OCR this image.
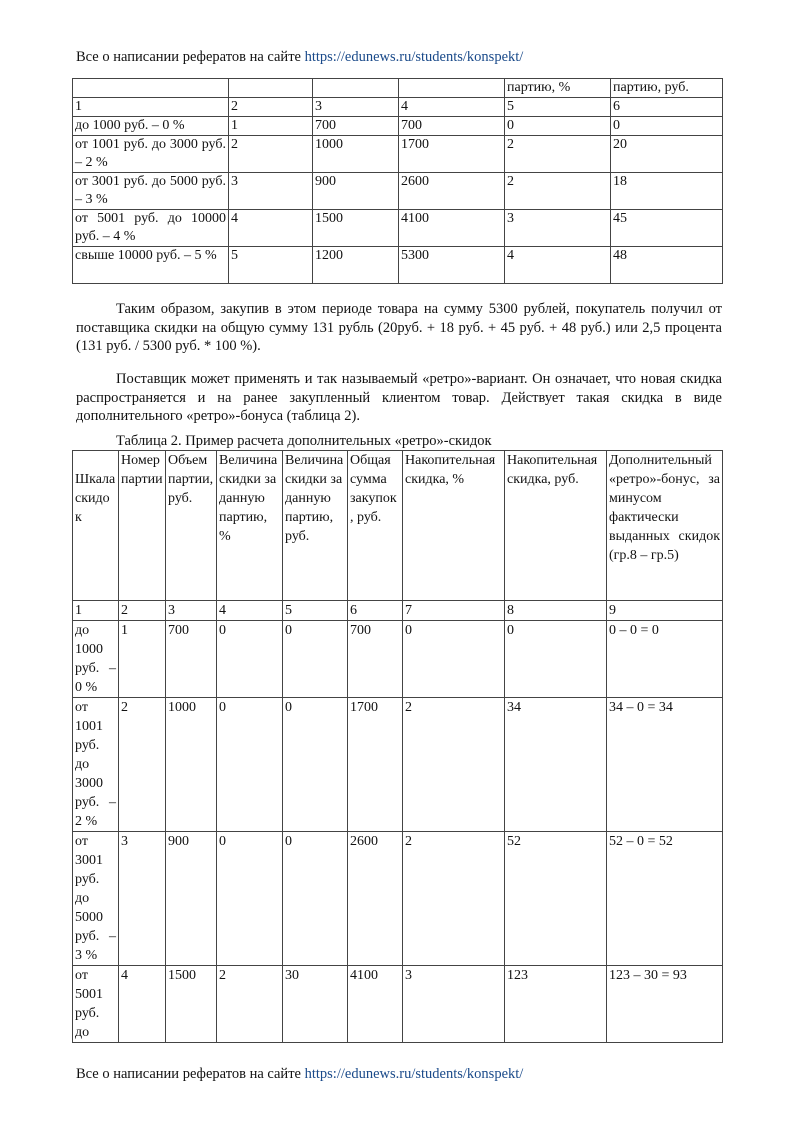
Все о написании рефератов на сайте https://edunews.ru/students/konspekt/
				партию, %	партию, руб.
1	2	3	4	5	6
до 1000 руб. – 0 %	1	700	700	0	0
от 1001 руб. до 3000 руб. – 2 %	2	1000	1700	2	20
от 3001 руб. до 5000 руб. – 3 %	3	900	2600	2	18
от 5001 руб. до 10000 руб. – 4 %	4	1500	4100	3	45
свыше 10000 руб. – 5 %	5	1200	5300	4	48

Таким образом, закупив в этом периоде товара на сумму 5300 рублей, покупатель получил от поставщика скидки на общую сумму 131 рубль (20руб. + 18 руб. + 45 руб. + 48 руб.) или 2,5 процента (131 руб. / 5300 руб. * 100 %).

Поставщик может применять и так называемый «ретро»-вариант. Он означает, что новая скидка распространяется и на ранее закупленный клиентом товар. Действует такая скидка в виде дополнительного «ретро»-бонуса (таблица 2).

Таблица 2. Пример расчета дополнительных «ретро»-скидок
Шкала скидок	Номер партии	Объем партии, руб.	Величина скидки за данную партию, %	Величина скидки за данную партию, руб.	Общая сумма закупок, руб.	Накопительная скидка, %	Накопительная скидка, руб.	Дополнительный «ретро»-бонус, за минусом фактически выданных скидок (гр.8 – гр.5)
1	2	3	4	5	6	7	8	9
до 1000 руб. – 0 %	1	700	0	0	700	0	0	0 – 0 = 0
от 1001 руб. до 3000 руб. – 2 %	2	1000	0	0	1700	2	34	34 – 0 = 34
от 3001 руб. до 5000 руб. – 3 %	3	900	0	0	2600	2	52	52 – 0 = 52
от 5001 руб. до	4	1500	2	30	4100	3	123	123 – 30 = 93
Все о написании рефератов на сайте https://edunews.ru/students/konspekt/
